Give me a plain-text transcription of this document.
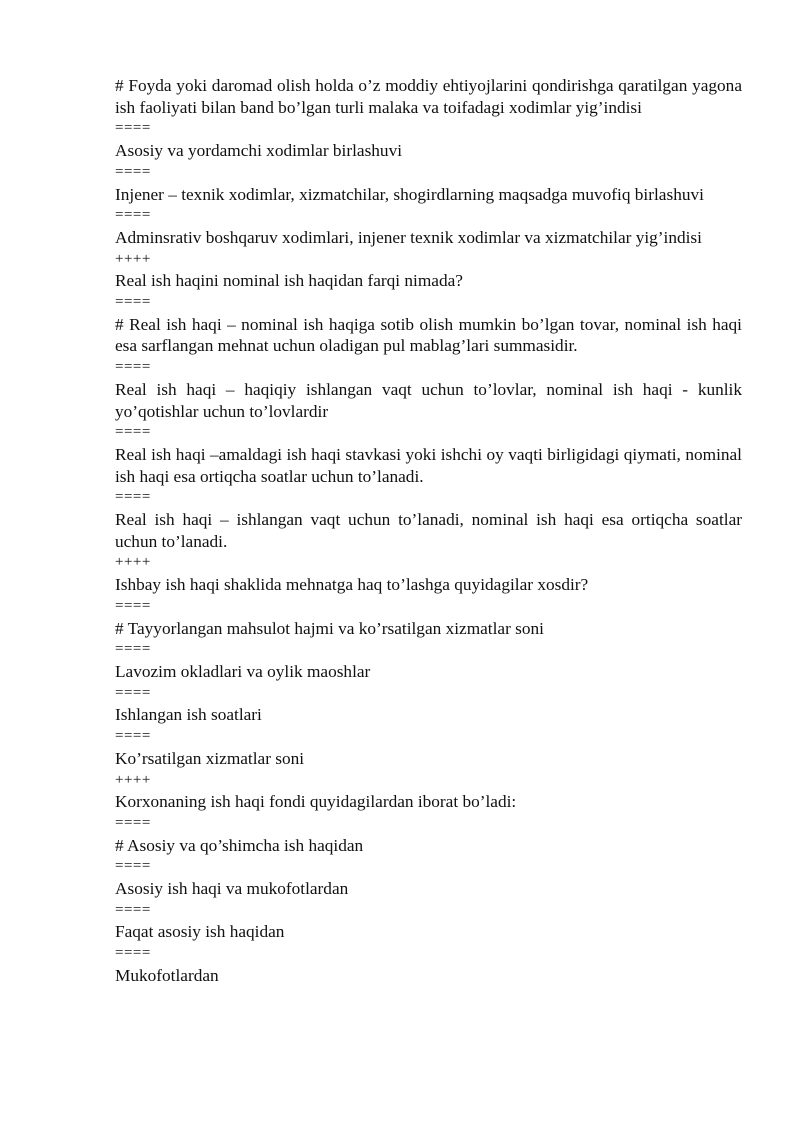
# Foyda yoki daromad olish holda o’z moddiy ehtiyojlarini qondirishga qaratilgan yagona ish faoliyati bilan band bo’lgan turli malaka va toifadagi xodimlar yig’indisi

====

Asosiy va yordamchi xodimlar birlashuvi

====

Injener – texnik xodimlar, xizmatchilar, shogirdlarning maqsadga muvofiq birlashuvi

====

Adminsrativ boshqaruv xodimlari, injener texnik xodimlar va xizmatchilar yig’indisi

++++

Real ish haqini nominal ish haqidan farqi nimada?

====

# Real ish haqi – nominal ish haqiga sotib olish mumkin bo’lgan tovar, nominal ish haqi esa sarflangan mehnat uchun oladigan pul mablag’lari summasidir.

====

Real ish haqi – haqiqiy ishlangan vaqt uchun to’lovlar, nominal ish haqi - kunlik yo’qotishlar uchun to’lovlardir

====

Real ish haqi –amaldagi ish haqi stavkasi yoki ishchi oy vaqti birligidagi qiymati, nominal ish haqi esa ortiqcha soatlar uchun to’lanadi.

====

Real ish haqi – ishlangan vaqt uchun to’lanadi, nominal ish haqi esa ortiqcha soatlar uchun to’lanadi.

++++

Ishbay ish haqi shaklida mehnatga haq to’lashga quyidagilar xosdir?

====

# Tayyorlangan mahsulot hajmi va ko’rsatilgan xizmatlar soni

====

Lavozim okladlari va oylik maoshlar

====

Ishlangan ish soatlari

====

Ko’rsatilgan xizmatlar soni

++++

Korxonaning ish haqi fondi quyidagilardan iborat bo’ladi:

====

# Asosiy va qo’shimcha ish haqidan

====

Asosiy ish haqi va mukofotlardan

====

Faqat asosiy ish haqidan

====

Mukofotlardan
